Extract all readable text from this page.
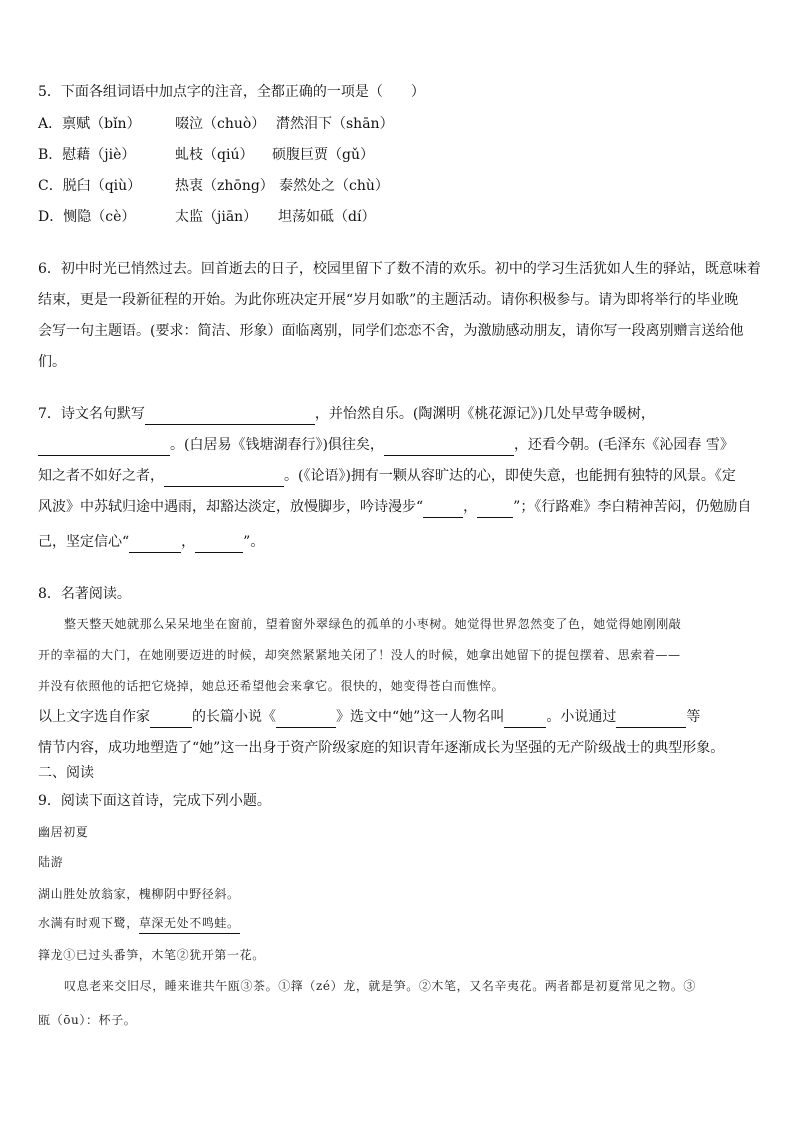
5．下面各组词语中加点字的注音，全都正确的一项是（　　）
A．禀赋（bǐn） 啜泣（chuò） 潸然泪下（shān）
B．慰藉（jiè）	虬枝（qiú） 硕腹巨贾（gǔ）
C．脱臼（qiù） 热衷（zhōng） 泰然处之（chù）
D．恻隐（cè）	太监（jiān） 坦荡如砥（dí）
6．初中时光已悄然过去。回首逝去的日子，校园里留下了数不清的欢乐。初中的学习生活犹如人生的驿站，既意味着
结束，更是一段新征程的开始。为此你班决定开展“岁月如歌”的主题活动。请你积极参与。请为即将举行的毕业晚
会写一句主题语。(要求：简洁、形象）面临离别，同学们恋恋不舍，为激励感动朋友，请你写一段离别赠言送给他
们。
7．诗文名句默写	，并怡然自乐。(陶渊明《桃花源记》)几处早莺争暖树，
。(白居易《钱塘湖春行》)俱往矣，	，还看今朝。(毛泽东《沁园春 雪》
知之者不如好之者，	。(《论语》)拥有一颗从容旷达的心，即使失意，也能拥有独特的风景。《定
风波》中苏轼归途中遇雨，却豁达淡定，放慢脚步，吟诗漫步“	，	”；《行路难》李白精神苦闷，仍勉励自
己，坚定信心“	，	”。
8．名著阅读。
整天整天她就那么呆呆地坐在窗前，望着窗外翠绿色的孤单的小枣树。她觉得世界忽然变了色，她觉得她刚刚敲
开的幸福的大门，在她刚要迈进的时候，却突然紧紧地关闭了！没人的时候，她拿出她留下的提包摆着、思索着——
并没有依照他的话把它烧掉，她总还希望他会来拿它。很快的，她变得苍白而憔悴。
以上文字选自作家	的长篇小说《	》选文中“她”这一人物名叫	。小说通过	等
情节内容，成功地塑造了“她”这一出身于资产阶级家庭的知识青年逐渐成长为坚强的无产阶级战士的典型形象。
二、阅读
9．阅读下面这首诗，完成下列小题。
幽居初夏
陆游
湖山胜处放翁家，槐柳阴中野径斜。
水满有时观下鹭，草深无处不鸣蛙。
箨龙①已过头番笋，木笔②犹开第一花。
叹息老来交旧尽，睡来谁共午瓯③茶。①箨（zé）龙，就是笋。②木笔，又名辛夷花。两者都是初夏常见之物。③
瓯（ōu）：杯子。
